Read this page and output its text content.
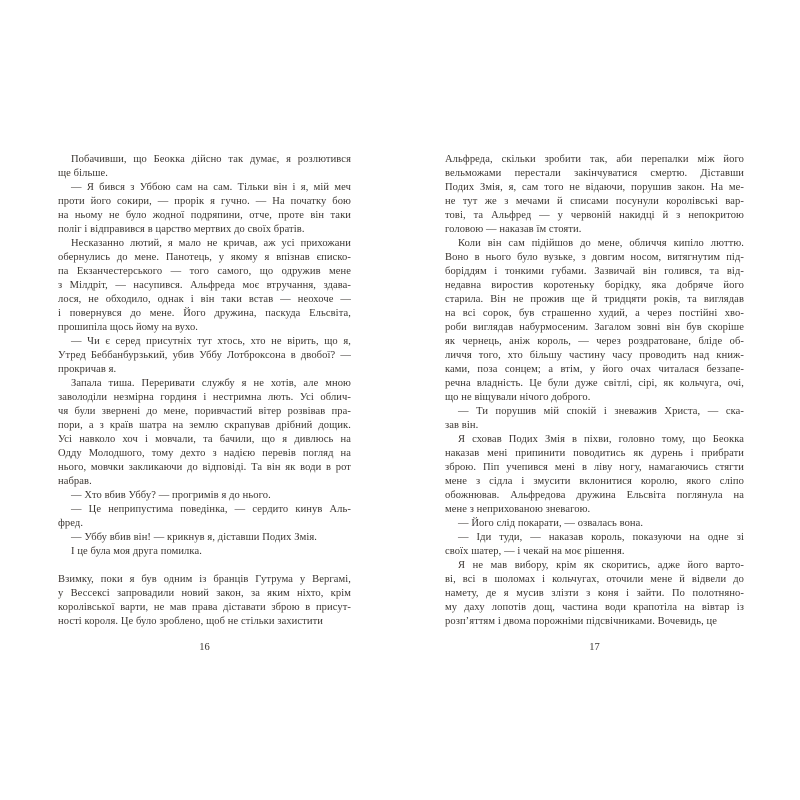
Побачивши, що Беокка дійсно так думає, я розлютився
ще більше.
— Я бився з Уббою сам на сам. Тільки він і я, мій меч
проти його сокири, — прорік я гучно. — На початку бою
на ньому не було жодної подряпини, отче, проте він таки
поліг і відправився в царство мертвих до своїх братів.
Несказанно лютий, я мало не кричав, аж усі прихожани
обернулись до мене. Панотець, у якому я впізнав єписко-
па Екзанчестерського — того самого, що одружив мене
з Мілдріт, — насупився. Альфреда моє втручання, здава-
лося, не обходило, однак і він таки встав — неохоче —
і повернувся до мене. Його дружина, паскуда Ельсвіта,
прошипіла щось йому на вухо.
— Чи є серед присутніх тут хтось, хто не вірить, що я,
Утред Беббанбурзький, убив Уббу Лотброксона в двобої? —
прокричав я.
Запала тиша. Переривати службу я не хотів, але мною
заволоділи незмірна гординя і нестримна лють. Усі облич-
чя були звернені до мене, поривчастий вітер розвівав пра-
пори, а з країв шатра на землю скрапував дрібний дощик.
Усі навколо хоч і мовчали, та бачили, що я дивлюсь на
Одду Молодшого, тому дехто з надією перевів погляд на
нього, мовчки закликаючи до відповіді. Та він як води в рот
набрав.
— Хто вбив Уббу? — прогримів я до нього.
— Це неприпустима поведінка, — сердито кинув Аль-
фред.
— Уббу вбив він! — крикнув я, діставши Подих Змія.
І це була моя друга помилка.
Взимку, поки я був одним із бранців Гутрума у Вергамі,
у Вессексі запровадили новий закон, за яким ніхто, крім
королівської варти, не мав права діставати зброю в присут-
ності короля. Це було зроблено, щоб не стільки захистити
16
Альфреда, скільки зробити так, аби перепалки між його
вельможами перестали закінчуватися смертю. Діставши
Подих Змія, я, сам того не відаючи, порушив закон. На ме-
не тут же з мечами й списами посунули королівські вар-
тові, та Альфред — у червоній накидці й з непокритою
головою — наказав їм стояти.
Коли він сам підійшов до мене, обличчя кипіло люттю.
Воно в нього було вузьке, з довгим носом, витягнутим під-
боріддям і тонкими губами. Зазвичай він голився, та від-
недавна виростив коротеньку борідку, яка добряче його
старила. Він не прожив ще й тридцяти років, та виглядав
на всі сорок, був страшенно худий, а через постійні хво-
роби виглядав набурмосеним. Загалом зовні він був скоріше
як чернець, аніж король, — через роздратоване, бліде об-
личчя того, хто більшу частину часу проводить над книж-
ками, поза сонцем; а втім, у його очах читалася беззапе-
речна владність. Це були дуже світлі, сірі, як кольчуга, очі,
що не віщували нічого доброго.
— Ти порушив мій спокій і зневажив Христа, — ска-
зав він.
Я сховав Подих Змія в піхви, головно тому, що Беокка
наказав мені припинити поводитись як дурень і прибрати
зброю. Піп учепився мені в ліву ногу, намагаючись стягти
мене з сідла і змусити вклонитися королю, якого сліпо
обожнював. Альфредова дружина Ельсвіта поглянула на
мене з неприхованою зневагою.
— Його слід покарати, — озвалась вона.
— Іди туди, — наказав король, показуючи на одне зі
своїх шатер, — і чекай на моє рішення.
Я не мав вибору, крім як скоритись, адже його варто-
ві, всі в шоломах і кольчугах, оточили мене й відвели до
намету, де я мусив злізти з коня і зайти. По полотняно-
му даху лопотів дощ, частина води крапотіла на вівтар із
розп’яттям і двома порожніми підсвічниками. Вочевидь, це
17
